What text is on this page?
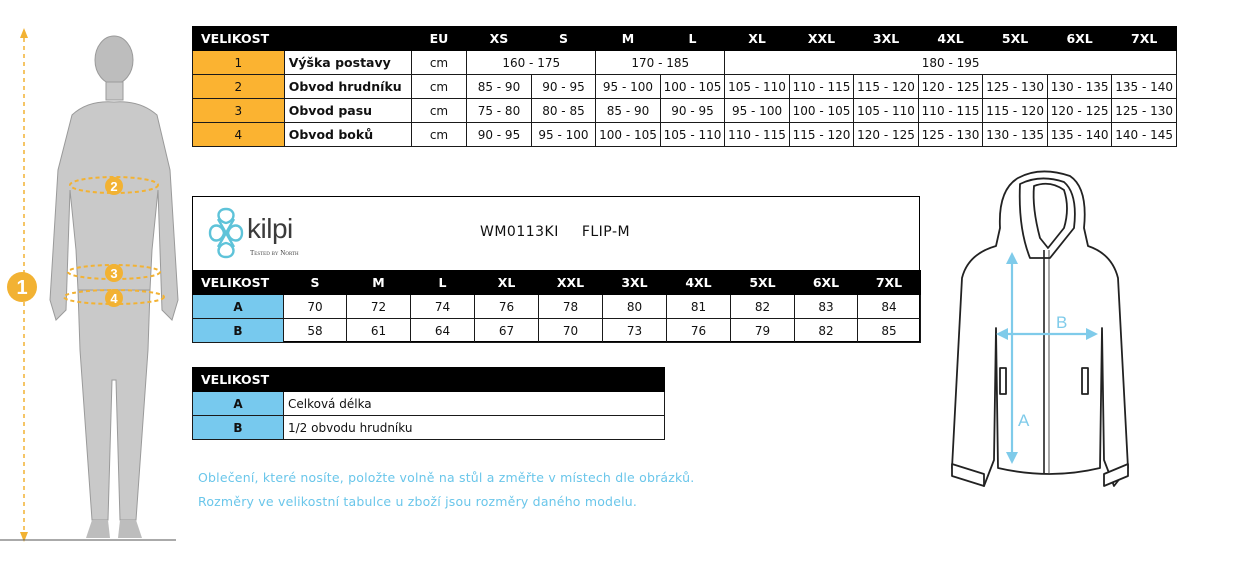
1
2
3
4
VELIKOST		EU	XS	S	M	L	XL	XXL	3XL	4XL	5XL	6XL	7XL
1	Výška postavy	cm	160 - 175		170 - 185		180 - 195						
2	Obvod hrudníku	cm	85 - 90	90 - 95	95 - 100	100 - 105	105 - 110	110 - 115	115 - 120	120 - 125	125 - 130	130 - 135	135 - 140
3	Obvod pasu	cm	75 - 80	80 - 85	85 - 90	90 - 95	95 - 100	100 - 105	105 - 110	110 - 115	115 - 120	120 - 125	125 - 130
4	Obvod boků	cm	90 - 95	95 - 100	100 - 105	105 - 110	110 - 115	115 - 120	120 - 125	125 - 130	130 - 135	135 - 140	140 - 145
kilpi
Tested by North
WM0113KI FLIP-M
VELIKOST	S	M	L	XL	XXL	3XL	4XL	5XL	6XL	7XL
A	70	72	74	76	78	80	81	82	83	84
B	58	61	64	67	70	73	76	79	82	85
VELIKOST	
A	Celková délka
B	1/2 obvodu hrudníku
Oblečení, které nosíte, položte volně na stůl a změřte v místech dle obrázků.
Rozměry ve velikostní tabulce u zboží jsou rozměry daného modelu.
A
B
